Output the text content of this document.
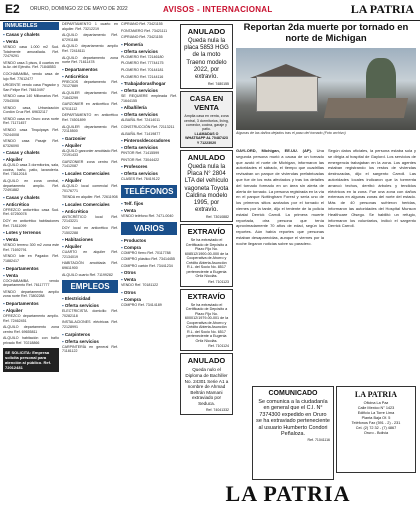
E2 ORURO, DOMINGO 22 DE MAYO DE 2022	AVISOS - INTERNACIONAL	LA PATRIA
INMUEBLES
▪ Casas y chalets
▪ Venta
VENDO casa 1.000 m2 Sud. Totalmente amurallada. Ref. 72479291
VENDO casa 3 pisos, 8 cuartos en la Av. del Ejército. Ref. 71848553
COCHABAMBA, vendo casa de lujo Ref. 77612477
URGENTE vendo casa Pagador y San Felipe Ref. 76610497
VENDO casa 140 Millonarios Ref. 72543006
VENDO casa, Urbanización Cordón Cruz Ref. 69632117
VENDO casa en Oruro zona norte Ref. 71171457
VENDO casa Tinquipaya Ref. 70244008
VENDO casa Pasaje Ref. 67326090
▪ Casas y chalets
▪ Alquiler
ALQUILO casa 3 dormitorios, sala, cocina, baño, patio, lavandería. Ref. 73612018
ALQUILO en zona central, departamento amplio. Ref. 72491882
▪ Casas y chalets
▪ Anticrético
OFREZCO anticrético casa Sud. Ref. 67250078
DOY en anticrético habitaciones Ref. 71811099
▪ Lotes y terrenos
▪ Venta
VENDO terreno 300 m2 zona este Ref. 71692791
VENDO lote en Pagador. Ref. 71882417
▪ Departamentos
▪ Venta
COCHABAMBA vendo departamento Ref. 76117777
VENDO departamento amplio zona norte Ref. 73802288
▪ Departamentos
▪ Alquiler
OFREZCO departamento amplio. Ref. 72462451
ALQUILO departamento zona centro Ref. 69655811
ALQUILO habitación con baño privado Ref. 70218866
SE SOLICITA: Empresa solicita personal para atención al público. Ref. 72012481
DEPARTAMENTO 1 cuarto en alquiler. Ref. 73212219
ALQUILO departamento Ref. 67291188
ALQUILO departamento amplio Ref. 72418111
ALQUILO departamento zona norte Ref. 71611478
▪ Departamentos
▪ Anticrético
PRECIOS departamento Ref. 70127889
ALQUILER departamento Ref. 71843299
GARZONIER en anticrético Ref. 67011112
DEPARTAMENTO en anticrético Ref. 74501899
ALQUILER departamento Ref. 72115500
▪ Garzonier
▪ Alquiler
ALQUILO garzonier amoblado Ref. 72191433
GARZONIER zona centro Ref. 71412087
▪ Locales Comerciales
▪ Alquiler
ALQUILO local comercial Ref. 70176771
TIENDA en alquiler. Ref. 72611908
▪ Locales Comerciales
▪ Anticrético
ANTICRÉTICO local Ref. 72143221
DOY local en anticrético Ref. 71502288
▪ Habitaciones
▪ Alquiler
CUARTO en alquiler Ref. 72134019
HABITACIÓN amoblada Ref. 69611900
ALQUILO cuarto Ref. 71199282
EMPLEOS
▪ Electricidad
▪ Oferta servicios
ELECTRICISTA domicilio Ref. 70282118
INSTALACIONES eléctricas Ref. 72128991
▪ Carpinteros
▪ Oferta servicios
CARPINTERÍA en general Ref. 71181122
CIPRIANO Ref. 73421155
FONTANERO Ref. 73421111
CIPRIANO Ref. 73421155
▪ Plomería
▪ Oferta servicios
PLOMERO Ref. 72146180
PLOMERO Ref. 77744175
PLOMERO Ref. 70144181
PLOMERO Ref. 72144116
▪ Trabajadoras/hogar
▪ Oferta servicios
SE REQUIERE empleada Ref. 71644155
▪ Albañilería
▪ Oferta servicios
ALBAÑIL Ref. 72414011
CONSTRUCCIÓN Ref. 72113211
ALBAÑIL Ref. 71419877
▪ Pinteros/decoradores
▪ Oferta servicios
PINTOR Ref. 71415599
PINTOR Ref. 73044422
▪ Profesores
▪ Oferta servicios
CLASES Ref. 76419122
TELÉFONOS
▪ Telf. fijos
▪ Venta
VENDO teléfono Ref. 7471-0040
VARIOS
▪ Productos
▪ Compra
COMPRO fierro Ref. 70117788
COMPRO plástico Ref. 73414455
COMPRO cartón Ref. 73441234
▪ Otros
▪ Venta
VENDO Ref. 70181122
▪ Otros
▪ Compra
COMPRO Ref. 73414189
ANULADO

Queda nula la placa 5853 HGG de la moto Traeno modelo 2022, por extravío.

Ref. 7480155

CASA EN VENTA

Amplia casa en venta, zona central, 3 dormitorios, living, comedor, cocina, garaje y patio.

LLAMADAS O WHATSAPP AL 70487423 Y 71223020

ANULADO

Queda nula la Placa N° 2804 LTA del vehículo vagoneta Toyota Caldina modelo 1995, por extravío.

Ref. 73010882

EXTRAVÍO

Se ha extraviado el Certificado de Depósito a Plazo Fijo No. 608512/1900-00-000 de la Cooperativa de Ahorro y Crédito Abierta Asunción R.L. del Socio No. 8517 perteneciente a Eugenia Ortiz Nicolás.

Ref. 7101123

EXTRAVÍO

Se ha extraviado el Certificado de Depósito a Plazo Fijo No. 600012/1979-00-001 de la Cooperativa de Ahorro y Crédito Abierta Asunción R.L. del Socio No. 6517 perteneciente a Eugenia Ortiz Nicolás.

Ref. 7101124

ANULADO

Queda nulo el Diploma de Bachiller No. 24301 Serie A1 a nombre de Ahmad Beltrán Mamani extraviado por Seduca.

Ref. 74041332

Reportan 2da muerte por tornado en norte de Michigan
Algunas de las daños dejados tras el paso del tornado (Foto archivo)
GAYLORD, Michigan, EE.UU. (AP). Una segunda persona murió a causa de un tornado que azotó el norte de Michigan, informaron las autoridades el sábado, el tiempo que cuadrillas revisaban un parque de viviendas prefabricadas que fue de los más afectados y tras los detalles del tornado formado en un área sin alerta de alerta de tornado. La persona registrada en la vía en el parque Nottingham Forest y sería uno de los primeros sitios azotados por el tornado el viernes por la tarde, dijo el teniente de la policía estatal Derrick Carroll. La primera muerte reportada, otra persona que tenía aproximadamente 70 años de edad, según los reportes. Aún había reportes que personas estaban desaparecidas, aunque el viernes por la noche llegaron noticias sobre su paradero.
Según datos oficiales, la persona estaba sola y se dirigía al hospital de Gaylord. Los servicios de emergencia trabajaban en la zona. Los agentes estaban registrando los restos de viviendas destrozadas, dijo el sargento Carroll. Las autoridades locales indicaron que la tormenta arrancó techos, derribó árboles y tendidos eléctricos en la zona. Fue una zona con daños extensos en algunas zonas del norte del estado. Más de 40 personas sufrieron heridas, informaron las autoridades del Hospital Munson Healthcare Otsego. Se habilitó un refugio, informaron los voluntarios, indicó el sargento Derrick Carroll.
COMUNICADO

Se comunica a la ciudadanía en general que el C.I. N° 7374300 expedido en Oruro se ha extraviado perteneciente al usuario Humberto Condori Peñaloza.

Ref. 71041116

LA PATRIA

Oficina La Paz

Calle Mexico N° 1423

Edificio La Torre Lima

Planta Baja Of. 5

Teléfonos Fax (591 - 2) - 231

Cel. (2) 72 32 - (7) 4867

Oruro - Bolivia

LA PATRIA
